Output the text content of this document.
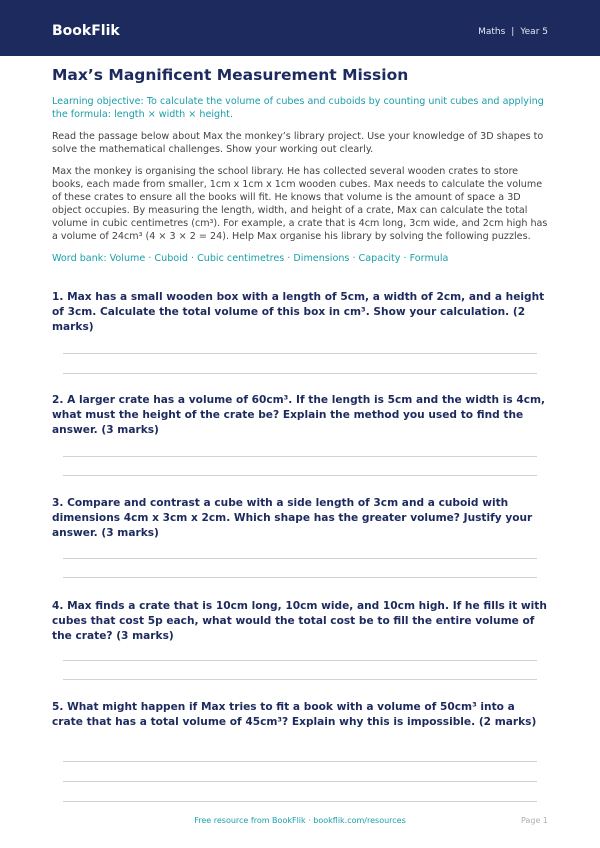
BookFlik	Maths | Year 5
Max’s Magnificent Measurement Mission
Learning objective: To calculate the volume of cubes and cuboids by counting unit cubes and applying the formula: length × width × height.

Read the passage below about Max the monkey’s library project. Use your knowledge of 3D shapes to solve the mathematical challenges. Show your working out clearly.

Max the monkey is organising the school library. He has collected several wooden crates to store books, each made from smaller, 1cm x 1cm x 1cm wooden cubes. Max needs to calculate the volume of these crates to ensure all the books will fit. He knows that volume is the amount of space a 3D object occupies. By measuring the length, width, and height of a crate, Max can calculate the total volume in cubic centimetres (cm³). For example, a crate that is 4cm long, 3cm wide, and 2cm high has a volume of 24cm³ (4 × 3 × 2 = 24). Help Max organise his library by solving the following puzzles.

Word bank: Volume · Cuboid · Cubic centimetres · Dimensions · Capacity · Formula
1. Max has a small wooden box with a length of 5cm, a width of 2cm, and a height of 3cm. Calculate the total volume of this box in cm³. Show your calculation. (2 marks)
2. A larger crate has a volume of 60cm³. If the length is 5cm and the width is 4cm, what must the height of the crate be? Explain the method you used to find the answer. (3 marks)
3. Compare and contrast a cube with a side length of 3cm and a cuboid with dimensions 4cm x 3cm x 2cm. Which shape has the greater volume? Justify your answer. (3 marks)
4. Max finds a crate that is 10cm long, 10cm wide, and 10cm high. If he fills it with cubes that cost 5p each, what would the total cost be to fill the entire volume of the crate? (3 marks)
5. What might happen if Max tries to fit a book with a volume of 50cm³ into a crate that has a total volume of 45cm³? Explain why this is impossible. (2 marks)
Free resource from BookFlik · bookflik.com/resources	Page 1
